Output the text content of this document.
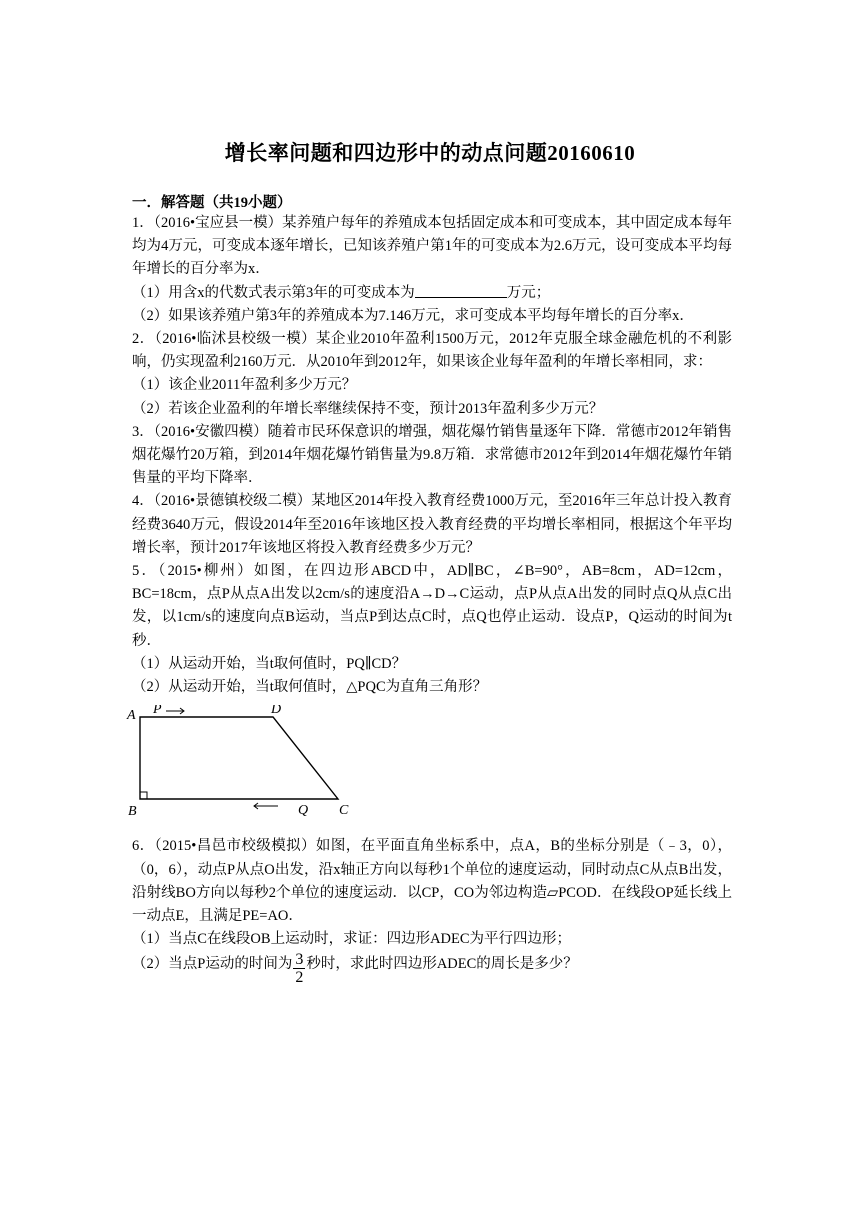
增长率问题和四边形中的动点问题20160610
一．解答题（共19小题）

1．（2016•宝应县一模）某养殖户每年的养殖成本包括固定成本和可变成本，其中固定成本每年均为4万元，可变成本逐年增长，已知该养殖户第1年的可变成本为2.6万元，设可变成本平均每年增长的百分率为x．

（1）用含x的代数式表示第3年的可变成本为	万元；

（2）如果该养殖户第3年的养殖成本为7.146万元，求可变成本平均每年增长的百分率x．

2．（2016•临沭县校级一模）某企业2010年盈利1500万元，2012年克服全球金融危机的不利影响，仍实现盈利2160万元．从2010年到2012年，如果该企业每年盈利的年增长率相同，求：

（1）该企业2011年盈利多少万元？

（2）若该企业盈利的年增长率继续保持不变，预计2013年盈利多少万元？

3．（2016•安徽四模）随着市民环保意识的增强，烟花爆竹销售量逐年下降．常德市2012年销售烟花爆竹20万箱，到2014年烟花爆竹销售量为9.8万箱．求常德市2012年到2014年烟花爆竹年销售量的平均下降率．

4．（2016•景德镇校级二模）某地区2014年投入教育经费1000万元，至2016年三年总计投入教育经费3640万元，假设2014年至2016年该地区投入教育经费的平均增长率相同，根据这个年平均增长率，预计2017年该地区将投入教育经费多少万元？

5．（2015•柳州）如图，在四边形ABCD中，AD∥BC，∠B=90°，AB=8cm，AD=12cm，BC=18cm，点P从点A出发以2cm/s的速度沿A→D→C运动，点P从点A出发的同时点Q从点C出发，以1cm/s的速度向点B运动，当点P到达点C时，点Q也停止运动．设点P，Q运动的时间为t秒．

（1）从运动开始，当t取何值时，PQ∥CD？

（2）从运动开始，当t取何值时，△PQC为直角三角形？

A P	D
B	Q C

6．（2015•昌邑市校级模拟）如图，在平面直角坐标系中，点A，B的坐标分别是（﹣3，0），（0，6），动点P从点O出发，沿x轴正方向以每秒1个单位的速度运动，同时动点C从点B出发，沿射线BO方向以每秒2个单位的速度运动．以CP，CO为邻边构造▱PCOD．在线段OP延长线上一动点E，且满足PE=AO．

（1）当点C在线段OB上运动时，求证：四边形ADEC为平行四边形；

（2）当点P运动的时间为 $\frac{3}{2}$ 秒时，求此时四边形ADEC的周长是多少？
